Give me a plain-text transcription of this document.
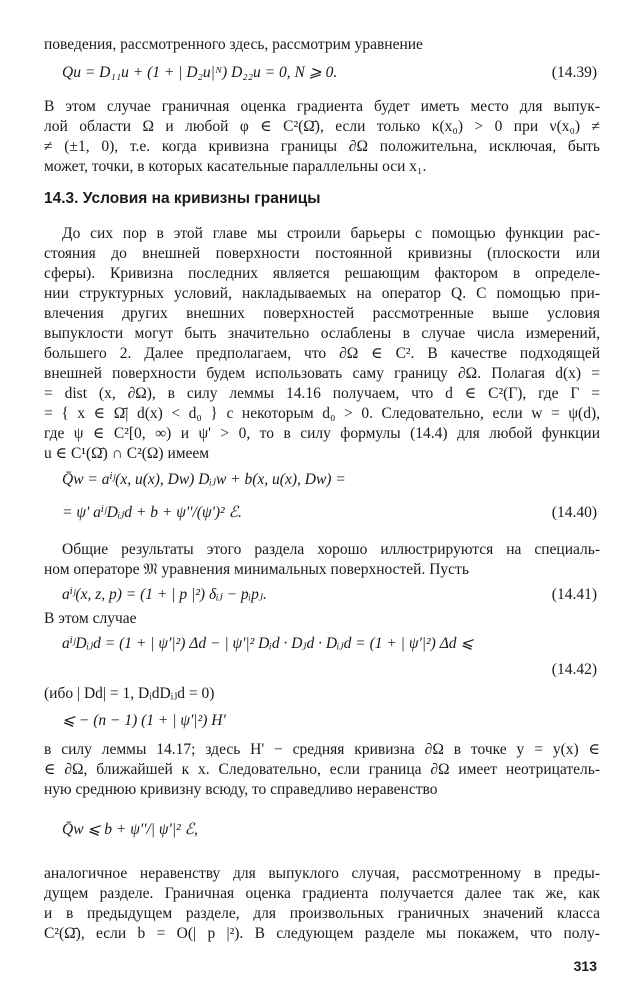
поведения, рассмотренного здесь, рассмотрим уравнение
Qu = D₁₁u + (1 + | D₂u|ᴺ) D₂₂u = 0, N ⩾ 0.	(14.39)
В этом случае граничная оценка градиента будет иметь место для выпук-
лой области Ω и любой φ ∈ C²(Ω̄), если только κ(x₀) > 0 при ν(x₀) ≠
≠ (±1, 0), т.е. когда кривизна границы ∂Ω положительна, исключая, быть
может, точки, в которых касательные параллельны оси x₁.
14.3. Условия на кривизны границы
До сих пор в этой главе мы строили барьеры с помощью функции рас-
стояния до внешней поверхности постоянной кривизны (плоскости или
сферы). Кривизна последних является решающим фактором в определе-
нии структурных условий, накладываемых на оператор Q. С помощью при-
влечения других внешних поверхностей рассмотренные выше условия
выпуклости могут быть значительно ослаблены в случае числа измерений,
большего 2. Далее предполагаем, что ∂Ω ∈ C². В качестве подходящей
внешней поверхности будем использовать саму границу ∂Ω. Полагая d(x) =
= dist (x, ∂Ω), в силу леммы 14.16 получаем, что d ∈ C²(Γ), где Γ =
= { x ∈ Ω̄| d(x) < d₀ } с некоторым d₀ > 0. Следовательно, если w = ψ(d),
где ψ ∈ C²[0, ∞) и ψ' > 0, то в силу формулы (14.4) для любой функции
u ∈ C¹(Ω̄) ∩ C²(Ω) имеем
Q̄w = aⁱʲ(x, u(x), Dw) Dᵢⱼw + b(x, u(x), Dw) =
= ψ' aⁱʲDᵢⱼd + b + ψ''/(ψ')² ℰ.	(14.40)
Общие результаты этого раздела хорошо иллюстрируются на специаль-
ном операторе 𝔐 уравнения минимальных поверхностей. Пусть
aⁱʲ(x, z, p) = (1 + | p |²) δᵢⱼ − pᵢpⱼ.	(14.41)
В этом случае
aⁱʲDᵢⱼd = (1 + | ψ'|²) Δd − | ψ'|² Dᵢd · Dⱼd · Dᵢⱼd = (1 + | ψ'|²) Δd ⩽
(14.42)
(ибо | Dd| = 1, DᵢdDᵢⱼd = 0)
⩽ − (n − 1) (1 + | ψ'|²) H'
в силу леммы 14.17; здесь H' − средняя кривизна ∂Ω в точке y = y(x) ∈
∈ ∂Ω, ближайшей к x. Следовательно, если граница ∂Ω имеет неотрицатель-
ную среднюю кривизну всюду, то справедливо неравенство
Q̄w ⩽ b + ψ''/| ψ'|² ℰ,
аналогичное неравенству для выпуклого случая, рассмотренному в преды-
дущем разделе. Граничная оценка градиента получается далее так же, как
и в предыдущем разделе, для произвольных граничных значений класса
C²(Ω̄), если b = O(| p |²). В следующем разделе мы покажем, что полу-
313
